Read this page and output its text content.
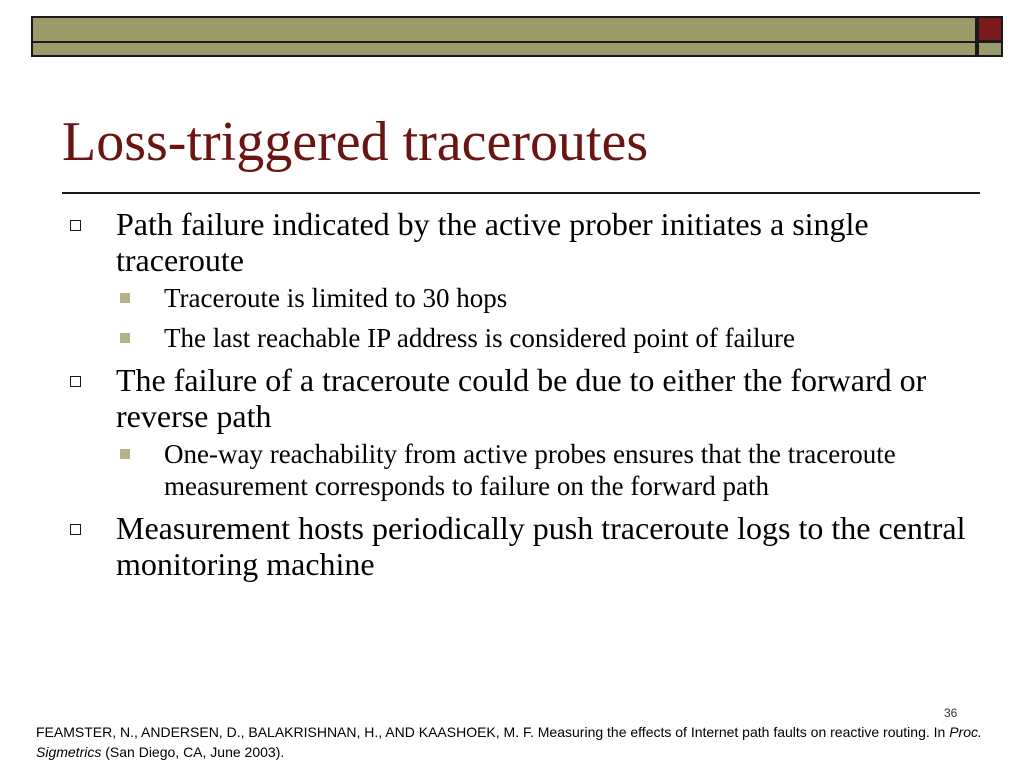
Loss-triggered traceroutes
Path failure indicated by the active prober initiates a single traceroute
Traceroute is limited to 30 hops
The last reachable IP address is considered point of failure
The failure of a traceroute could be due to either the forward or reverse path
One-way reachability from active probes ensures that the traceroute measurement corresponds to failure on the forward path
Measurement hosts periodically push traceroute logs to the central monitoring machine
36
FEAMSTER, N., ANDERSEN, D., BALAKRISHNAN, H., AND KAASHOEK, M. F. Measuring the effects of Internet path faults on reactive routing. In Proc. Sigmetrics (San Diego, CA, June 2003).
